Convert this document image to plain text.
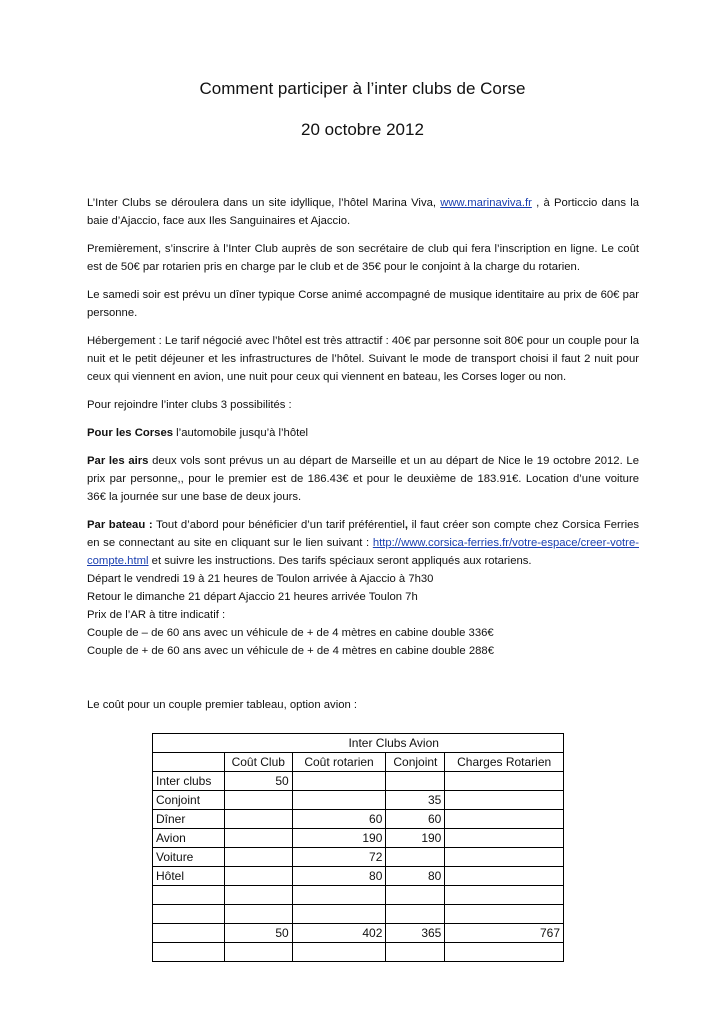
Comment participer à l’inter clubs de Corse
20 octobre 2012

L’Inter Clubs se déroulera dans un site idyllique, l’hôtel Marina Viva, www.marinaviva.fr , à Porticcio dans la baie d’Ajaccio, face aux Iles Sanguinaires et Ajaccio.

Premièrement, s’inscrire à l’Inter Club auprès de son secrétaire de club qui fera l’inscription en ligne. Le coût est de 50€ par rotarien pris en charge par le club et de 35€ pour le conjoint à la charge du rotarien.

Le samedi soir est prévu un dîner typique Corse animé accompagné de musique identitaire au prix de 60€ par personne.

Hébergement : Le tarif négocié avec l’hôtel est très attractif : 40€ par personne soit 80€ pour un couple pour la nuit et le petit déjeuner et les infrastructures de l’hôtel. Suivant le mode de transport choisi il faut 2 nuit pour ceux qui viennent en avion, une nuit pour ceux qui viennent en bateau, les Corses loger ou non.

Pour rejoindre l’inter clubs 3 possibilités :

Pour les Corses l’automobile jusqu’à l’hôtel

Par les airs deux vols sont prévus un au départ de Marseille et un au départ de Nice le 19 octobre 2012. Le prix par personne,, pour le premier est de 186.43€ et pour le deuxième de 183.91€. Location d’une voiture 36€ la journée sur une base de deux jours.

Par bateau : Tout d’abord pour bénéficier d’un tarif préférentiel, il faut créer son compte chez Corsica Ferries en se connectant au site en cliquant sur le lien suivant : http://www.corsica-ferries.fr/votre-espace/creer-votre-compte.html et suivre les instructions. Des tarifs spéciaux seront appliqués aux rotariens.
Départ le vendredi 19 à 21 heures de Toulon arrivée à Ajaccio à 7h30
Retour le dimanche 21 départ Ajaccio 21 heures arrivée Toulon 7h
Prix de l’AR à titre indicatif :
Couple de – de 60 ans avec un véhicule de + de 4 mètres en cabine double 336€
Couple de + de 60 ans avec un véhicule de + de 4 mètres en cabine double 288€

Le coût pour un couple premier tableau, option avion :

	Inter Clubs Avion			
	Coût Club	Coût rotarien	Conjoint	Charges Rotarien
Inter clubs	50			
Conjoint			35	
Dîner		60	60	
Avion		190	190	
Voiture		72		
Hôtel		80	80	

	50	402	365	767
